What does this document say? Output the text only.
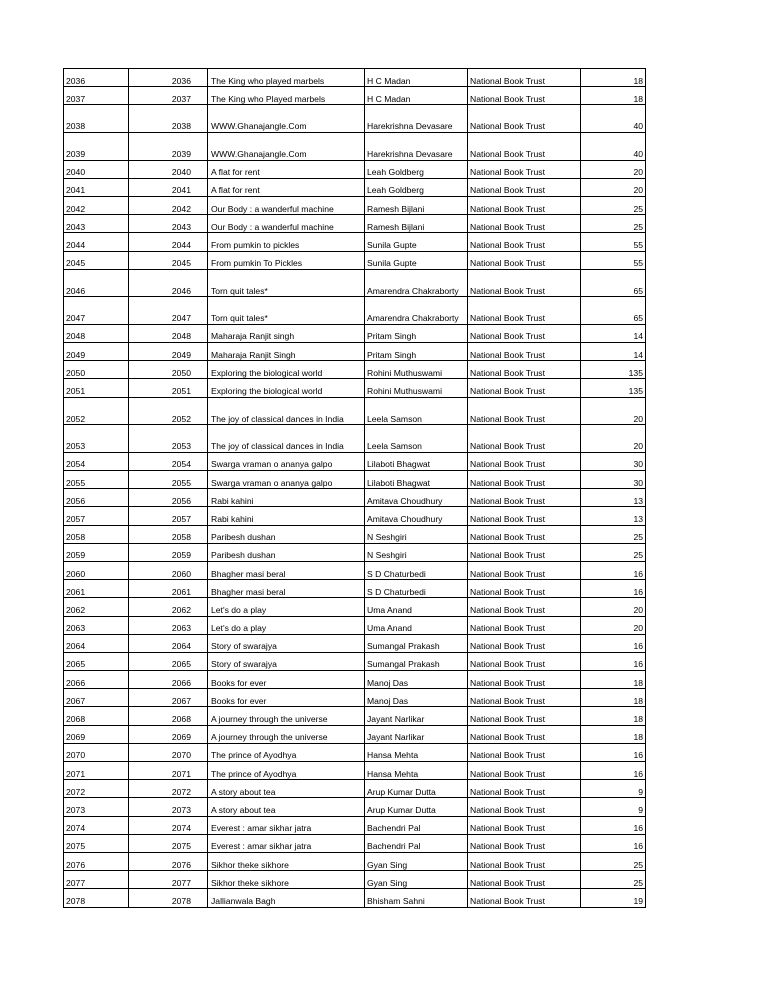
2036	2036	The King who played marbels	H C Madan	National Book Trust	18
2037	2037	The King who Played marbels	H C Madan	National Book Trust	18
2038	2038	WWW.Ghanajangle.Com	Harekrishna Devasare	National Book Trust	40
2039	2039	WWW.Ghanajangle.Com	Harekrishna Devasare	National Book Trust	40
2040	2040	A flat for rent	Leah Goldberg	National Book Trust	20
2041	2041	A flat for rent	Leah Goldberg	National Book Trust	20
2042	2042	Our Body : a wanderful machine	Ramesh Bijlani	National Book Trust	25
2043	2043	Our Body : a wanderful machine	Ramesh Bijlani	National Book Trust	25
2044	2044	From pumkin to pickles	Sunila Gupte	National Book Trust	55
2045	2045	From pumkin To Pickles	Sunila Gupte	National Book Trust	55
2046	2046	Torn quit tales*	Amarendra Chakraborty	National Book Trust	65
2047	2047	Torn quit tales*	Amarendra Chakraborty	National Book Trust	65
2048	2048	Maharaja Ranjit singh	Pritam Singh	National Book Trust	14
2049	2049	Maharaja Ranjit Singh	Pritam Singh	National Book Trust	14
2050	2050	Exploring the biological world	Rohini Muthuswami	National Book Trust	135
2051	2051	Exploring the biological world	Rohini Muthuswami	National Book Trust	135
2052	2052	The joy of classical dances in India	Leela Samson	National Book Trust	20
2053	2053	The joy of classical dances in India	Leela Samson	National Book Trust	20
2054	2054	Swarga vraman o ananya galpo	Lilaboti Bhagwat	National Book Trust	30
2055	2055	Swarga vraman o ananya galpo	Lilaboti Bhagwat	National Book Trust	30
2056	2056	Rabi kahini	Amitava Choudhury	National Book Trust	13
2057	2057	Rabi kahini	Amitava Choudhury	National Book Trust	13
2058	2058	Paribesh dushan	N Seshgiri	National Book Trust	25
2059	2059	Paribesh dushan	N Seshgiri	National Book Trust	25
2060	2060	Bhagher masi beral	S D Chaturbedi	National Book Trust	16
2061	2061	Bhagher masi beral	S D Chaturbedi	National Book Trust	16
2062	2062	Let's do a play	Uma Anand	National Book Trust	20
2063	2063	Let's do a play	Uma Anand	National Book Trust	20
2064	2064	Story of swarajya	Sumangal Prakash	National Book Trust	16
2065	2065	Story of swarajya	Sumangal Prakash	National Book Trust	16
2066	2066	Books for ever	Manoj Das	National Book Trust	18
2067	2067	Books for ever	Manoj Das	National Book Trust	18
2068	2068	A journey through the universe	Jayant Narlikar	National Book Trust	18
2069	2069	A journey through the universe	Jayant Narlikar	National Book Trust	18
2070	2070	The prince of Ayodhya	Hansa Mehta	National Book Trust	16
2071	2071	The prince of Ayodhya	Hansa Mehta	National Book Trust	16
2072	2072	A story about tea	Arup Kumar Dutta	National Book Trust	9
2073	2073	A story about tea	Arup Kumar Dutta	National Book Trust	9
2074	2074	Everest : amar sikhar jatra	Bachendri Pal	National Book Trust	16
2075	2075	Everest : amar sikhar jatra	Bachendri Pal	National Book Trust	16
2076	2076	Sikhor theke sikhore	Gyan Sing	National Book Trust	25
2077	2077	Sikhor theke sikhore	Gyan Sing	National Book Trust	25
2078	2078	Jallianwala Bagh	Bhisham Sahni	National Book Trust	19
